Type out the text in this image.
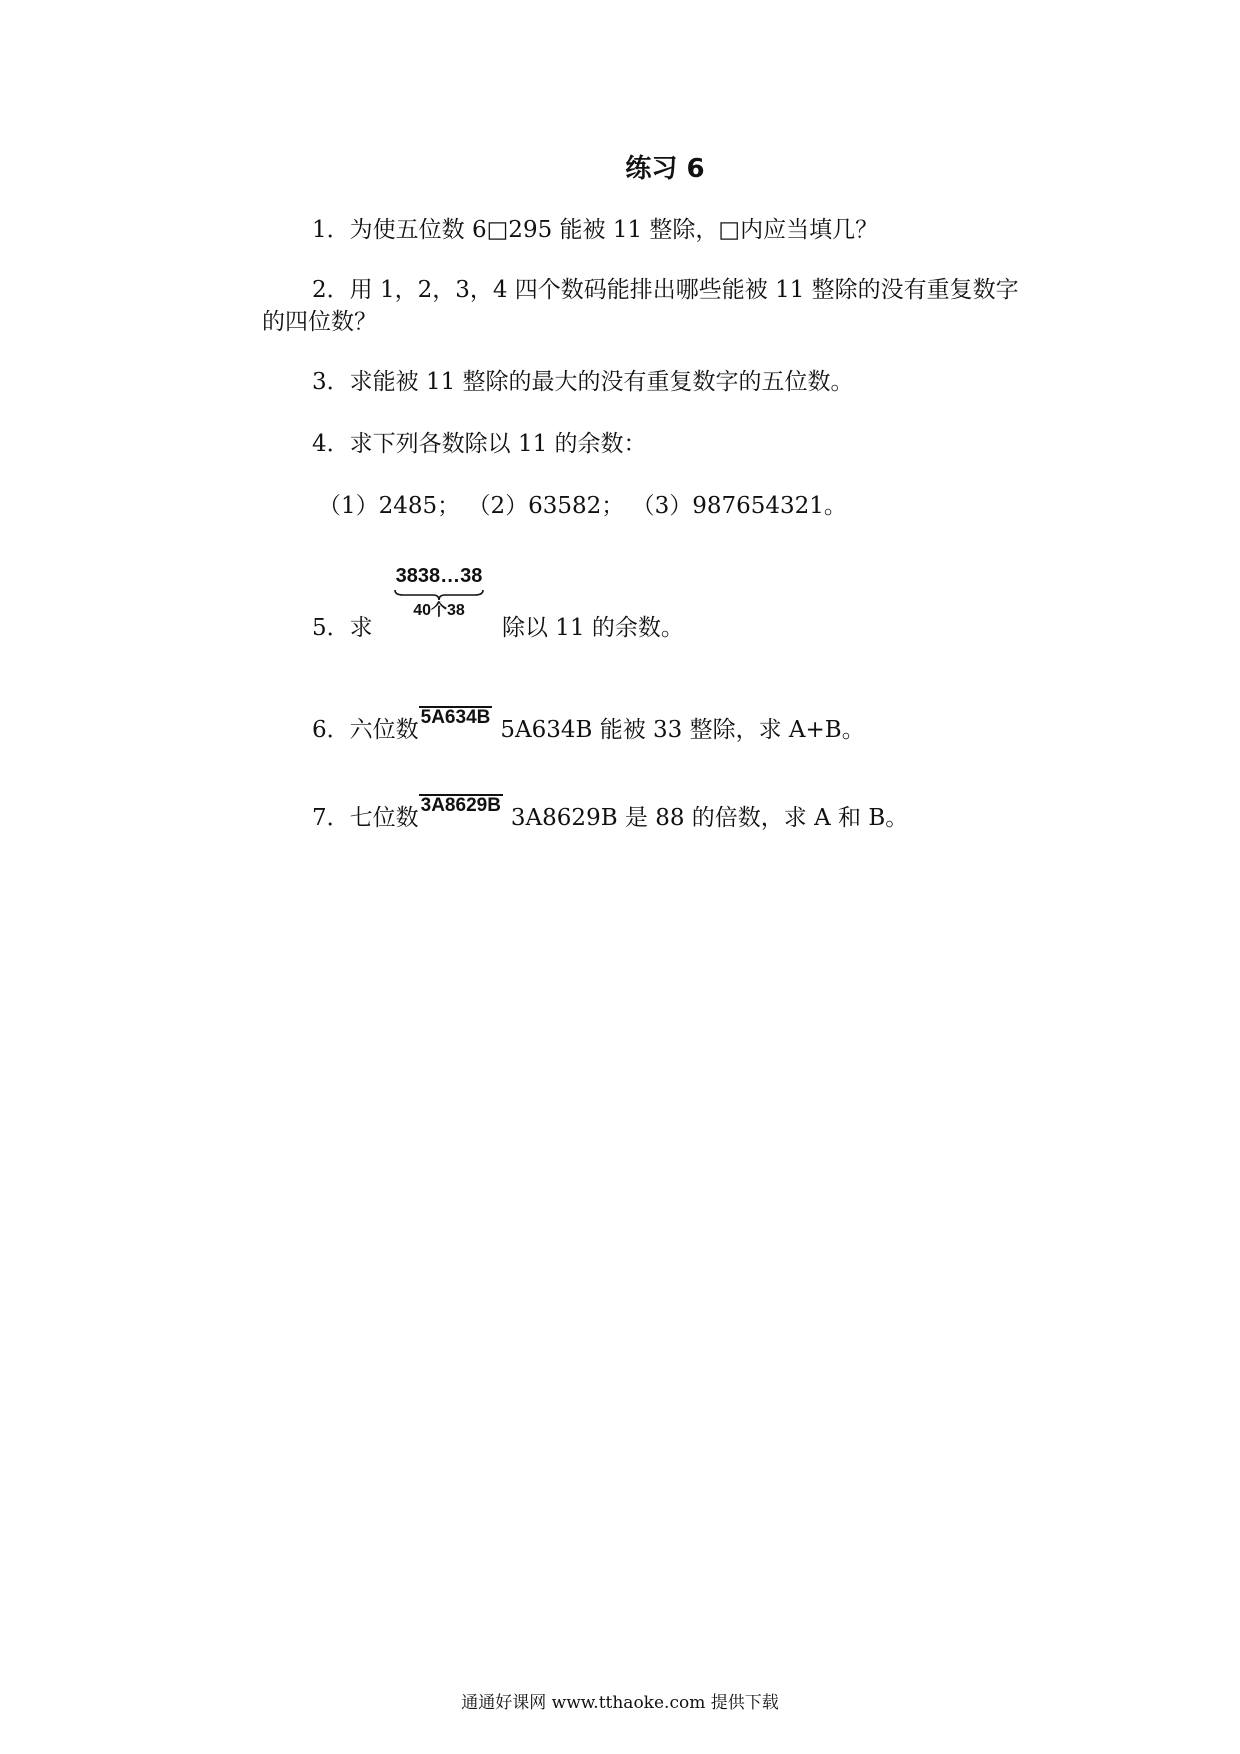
练习 6
1．为使五位数 6□295 能被 11 整除，□内应当填几？
2．用 1，2，3，4 四个数码能排出哪些能被 11 整除的没有重复数字
的四位数？
3．求能被 11 整除的最大的没有重复数字的五位数。
4．求下列各数除以 11 的余数：
（1）2485； （2）63582； （3）987654321。
5．求
3838…38
40个38
除以 11 的余数。
6．六位数 5A634B 5A634B 能被 33 整除，求 A+B。
7．七位数 3A8629B 3A8629B 是 88 的倍数，求 A 和 B。
通通好课网 www.tthaoke.com 提供下载
